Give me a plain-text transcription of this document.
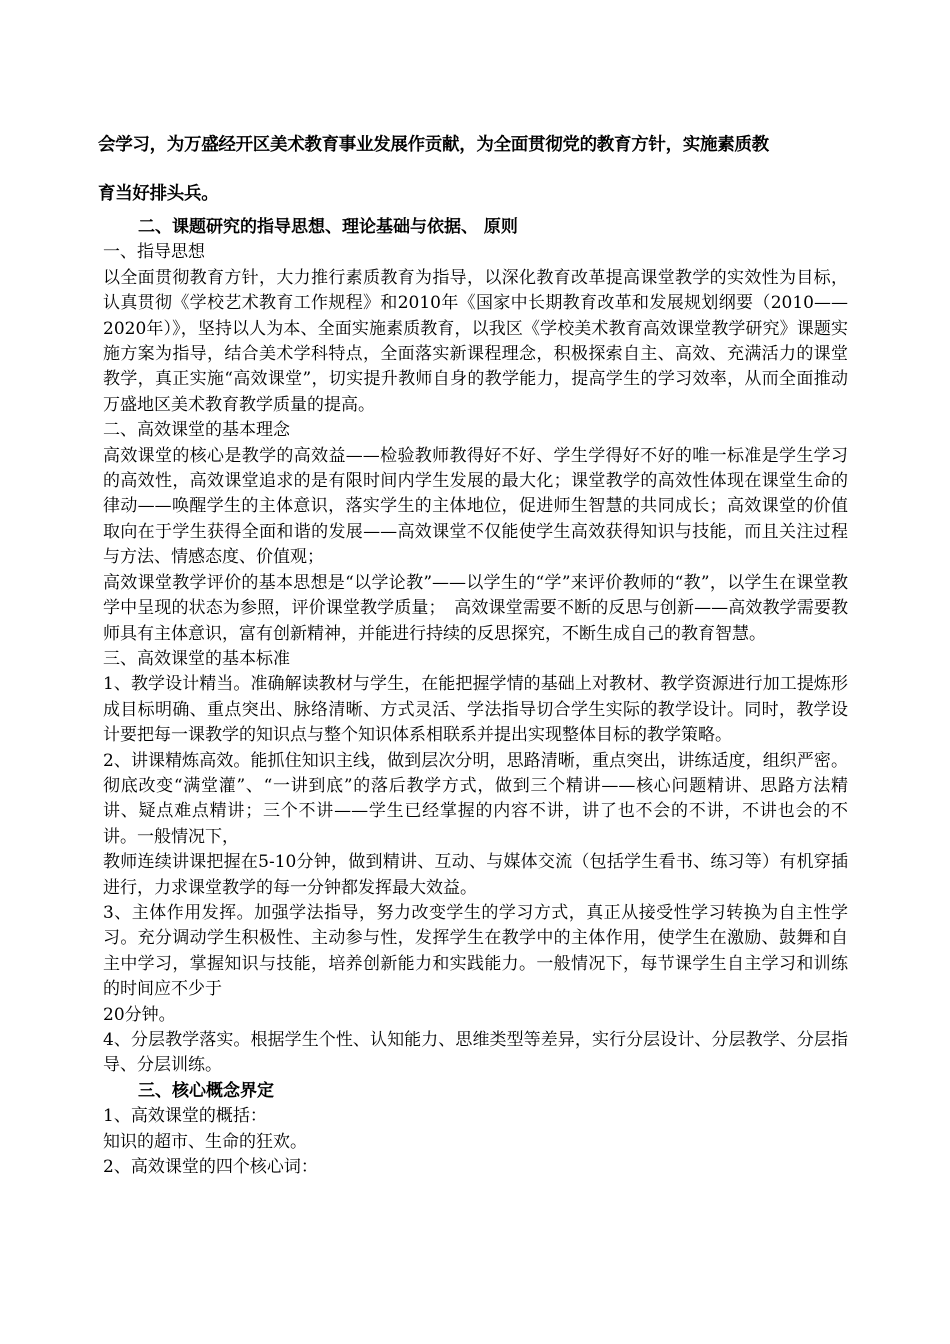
会学习，为万盛经开区美术教育事业发展作贡献，为全面贯彻党的教育方针，实施素质教
育当好排头兵。

二、课题研究的指导思想、理论基础与依据、 原则

一、指导思想

以全面贯彻教育方针，大力推行素质教育为指导，以深化教育改革提高课堂教学的实效性为目标，认真贯彻《学校艺术教育工作规程》和2010年《国家中长期教育改革和发展规划纲要（2010——2020年）》，坚持以人为本、全面实施素质教育，以我区《学校美术教育高效课堂教学研究》课题实施方案为指导，结合美术学科特点，全面落实新课程理念，积极探索自主、高效、充满活力的课堂教学，真正实施“高效课堂”，切实提升教师自身的教学能力，提高学生的学习效率，从而全面推动万盛地区美术教育教学质量的提高。

二、高效课堂的基本理念

高效课堂的核心是教学的高效益——检验教师教得好不好、学生学得好不好的唯一标准是学生学习的高效性，高效课堂追求的是有限时间内学生发展的最大化；课堂教学的高效性体现在课堂生命的律动——唤醒学生的主体意识，落实学生的主体地位，促进师生智慧的共同成长；高效课堂的价值取向在于学生获得全面和谐的发展——高效课堂不仅能使学生高效获得知识与技能，而且关注过程与方法、情感态度、价值观；

高效课堂教学评价的基本思想是“以学论教”——以学生的“学”来评价教师的“教”，以学生在课堂教学中呈现的状态为参照，评价课堂教学质量；　高效课堂需要不断的反思与创新——高效教学需要教师具有主体意识，富有创新精神，并能进行持续的反思探究，不断生成自己的教育智慧。

三、高效课堂的基本标准

1、教学设计精当。准确解读教材与学生，在能把握学情的基础上对教材、教学资源进行加工提炼形成目标明确、重点突出、脉络清晰、方式灵活、学法指导切合学生实际的教学设计。同时，教学设计要把每一课教学的知识点与整个知识体系相联系并提出实现整体目标的教学策略。

2、讲课精炼高效。能抓住知识主线，做到层次分明，思路清晰，重点突出，讲练适度，组织严密。彻底改变“满堂灌”、“一讲到底”的落后教学方式，做到三个精讲——核心问题精讲、思路方法精讲、疑点难点精讲；三个不讲——学生已经掌握的内容不讲，讲了也不会的不讲，不讲也会的不讲。一般情况下，

教师连续讲课把握在5-10分钟，做到精讲、互动、与媒体交流（包括学生看书、练习等）有机穿插进行，力求课堂教学的每一分钟都发挥最大效益。

3、主体作用发挥。加强学法指导，努力改变学生的学习方式，真正从接受性学习转换为自主性学习。充分调动学生积极性、主动参与性，发挥学生在教学中的主体作用，使学生在激励、鼓舞和自主中学习，掌握知识与技能，培养创新能力和实践能力。一般情况下，每节课学生自主学习和训练的时间应不少于

20分钟。

4、分层教学落实。根据学生个性、认知能力、思维类型等差异，实行分层设计、分层教学、分层指导、分层训练。

三、核心概念界定

1、高效课堂的概括：

知识的超市、生命的狂欢。

2、高效课堂的四个核心词：
